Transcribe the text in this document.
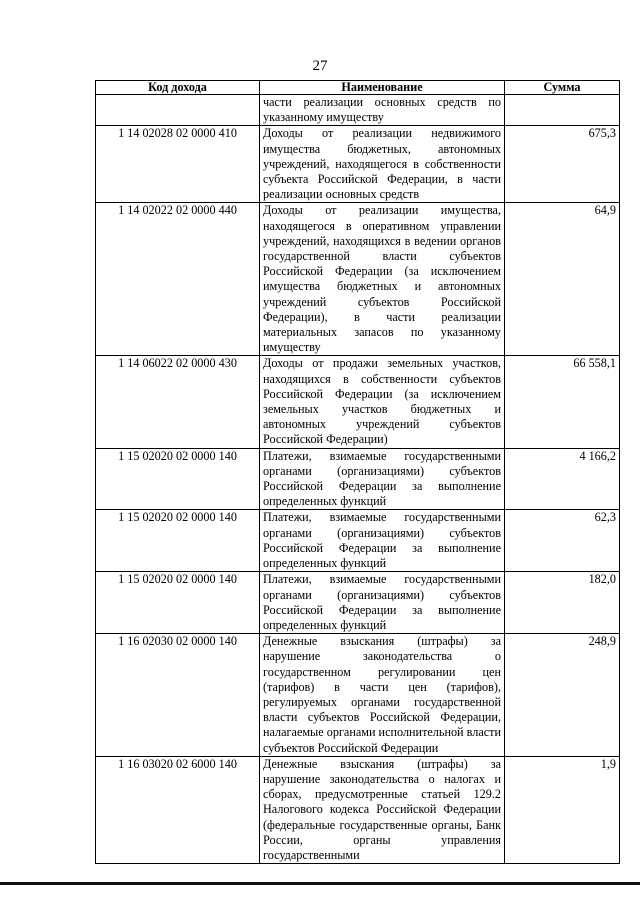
27
Код дохода	Наименование	Сумма
	части реализации основных средств по указанному имуществу	
1 14 02028 02 0000 410	Доходы от реализации недвижимого имущества бюджетных, автономных учреждений, находящегося в собственности субъекта Российской Федерации, в части реализации основных средств	675,3
1 14 02022 02 0000 440	Доходы от реализации имущества, находящегося в оперативном управлении учреждений, находящихся в ведении органов государственной власти субъектов Российской Федерации (за исключением имущества бюджетных и автономных учреждений субъектов Российской Федерации), в части реализации материальных запасов по указанному имуществу	64,9
1 14 06022 02 0000 430	Доходы от продажи земельных участков, находящихся в собственности субъектов Российской Федерации (за исключением земельных участков бюджетных и автономных учреждений субъектов Российской Федерации)	66 558,1
1 15 02020 02 0000 140	Платежи, взимаемые государственными органами (организациями) субъектов Российской Федерации за выполнение определенных функций	4 166,2
1 15 02020 02 0000 140	Платежи, взимаемые государственными органами (организациями) субъектов Российской Федерации за выполнение определенных функций	62,3
1 15 02020 02 0000 140	Платежи, взимаемые государственными органами (организациями) субъектов Российской Федерации за выполнение определенных функций	182,0
1 16 02030 02 0000 140	Денежные взыскания (штрафы) за нарушение законодательства о государственном регулировании цен (тарифов) в части цен (тарифов), регулируемых органами государственной власти субъектов Российской Федерации, налагаемые органами исполнительной власти субъектов Российской Федерации	248,9
1 16 03020 02 6000 140	Денежные взыскания (штрафы) за нарушение законодательства о налогах и сборах, предусмотренные статьей 129.2 Налогового кодекса Российской Федерации (федеральные государственные органы, Банк России, органы управления государственными	1,9
